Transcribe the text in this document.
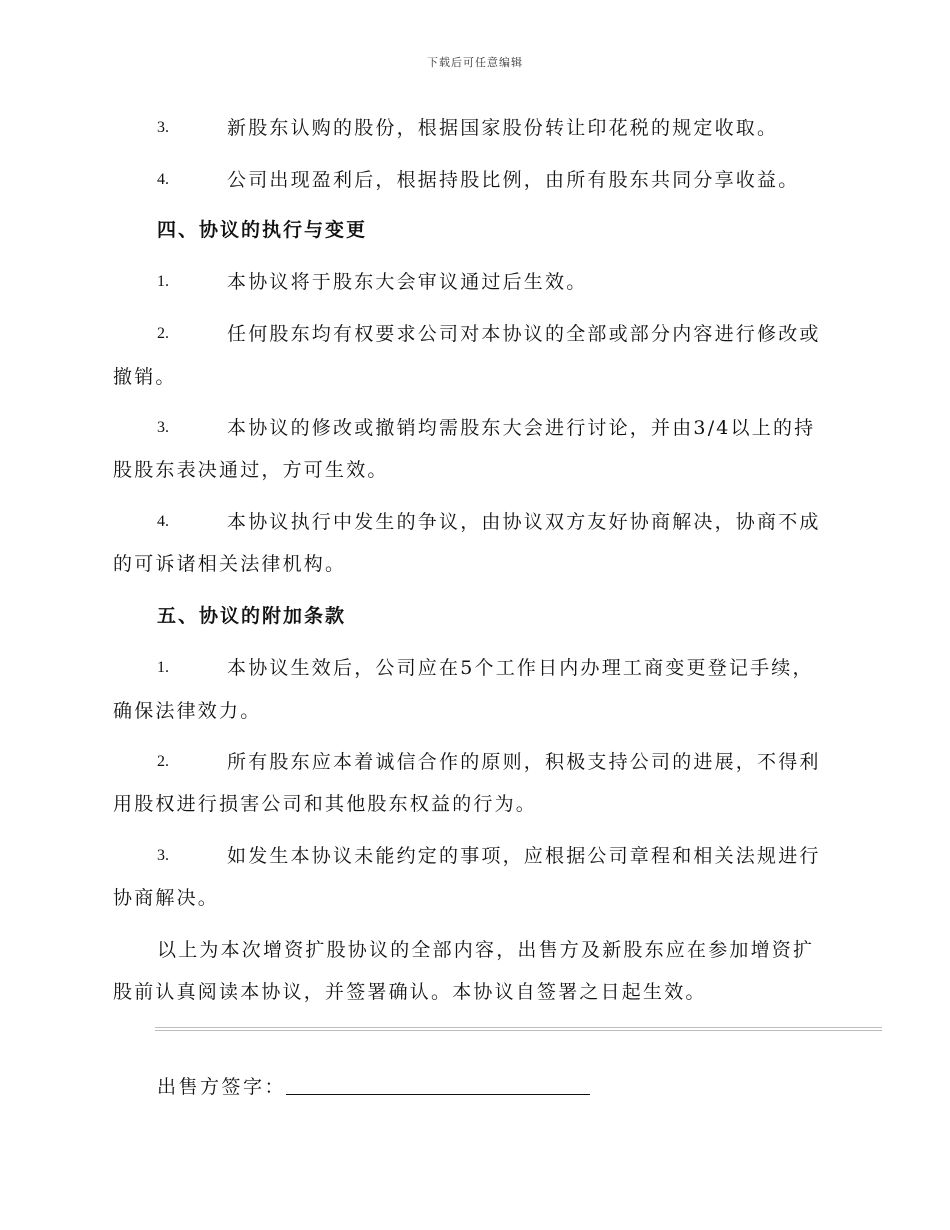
下载后可任意编辑
3.	新股东认购的股份，根据国家股份转让印花税的规定收取。
4.	公司出现盈利后，根据持股比例，由所有股东共同分享收益。
四、协议的执行与变更
1.	本协议将于股东大会审议通过后生效。
2.	任何股东均有权要求公司对本协议的全部或部分内容进行修改或
撤销。
3.	本协议的修改或撤销均需股东大会进行讨论，并由3/4以上的持
股股东表决通过，方可生效。
4.	本协议执行中发生的争议，由协议双方友好协商解决，协商不成
的可诉诸相关法律机构。
五、协议的附加条款
1.	本协议生效后，公司应在5个工作日内办理工商变更登记手续，
确保法律效力。
2.	所有股东应本着诚信合作的原则，积极支持公司的进展，不得利
用股权进行损害公司和其他股东权益的行为。
3.	如发生本协议未能约定的事项，应根据公司章程和相关法规进行
协商解决。
以上为本次增资扩股协议的全部内容，出售方及新股东应在参加增资扩
股前认真阅读本协议，并签署确认。本协议自签署之日起生效。
出售方签字：
